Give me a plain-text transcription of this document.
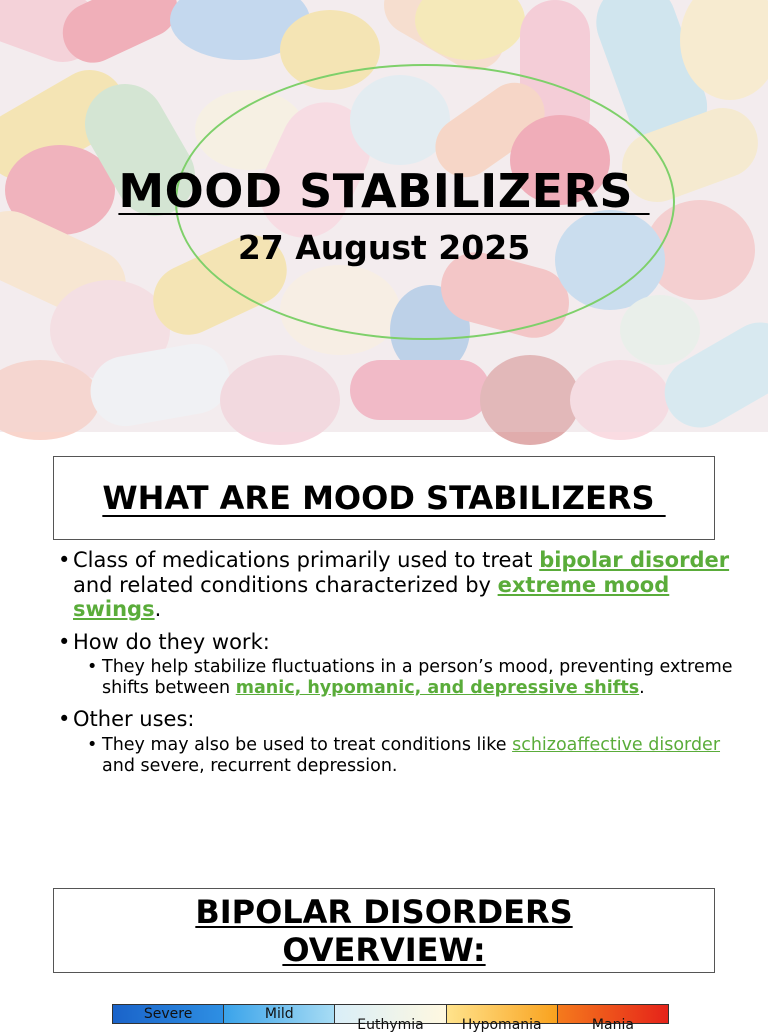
MOOD STABILIZERS
27 August 2025
WHAT ARE MOOD STABILIZERS
• Class of medications primarily used to treat bipolar disorder and related conditions characterized by extreme mood swings.
• How do they work:
• They help stabilize fluctuations in a person’s mood, preventing extreme shifts between manic, hypomanic, and depressive shifts.
• Other uses:
• They may also be used to treat conditions like schizoaffective disorder and severe, recurrent depression.
BIPOLAR DISORDERS
OVERVIEW:
Severe	Mild
Euthymia	Hypomania	Mania
